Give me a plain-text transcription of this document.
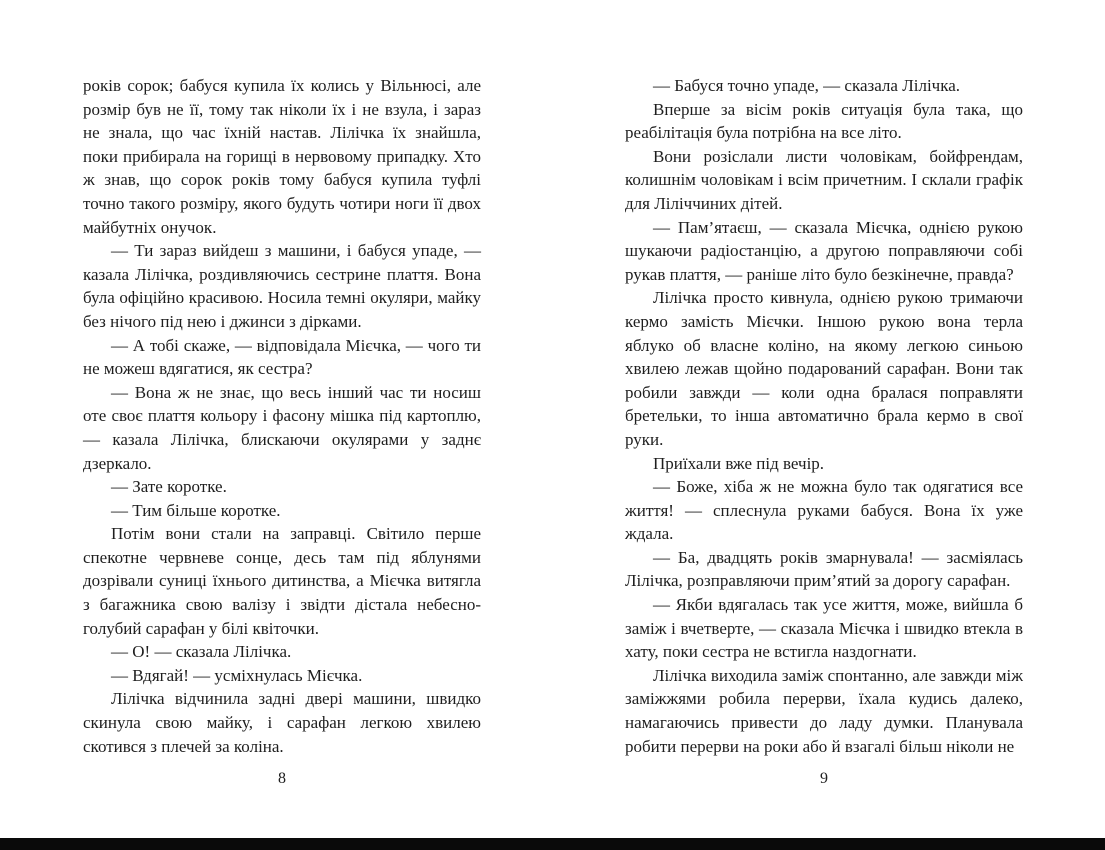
років сорок; бабуся купила їх колись у Вільнюсі, але розмір був не її, тому так ніколи їх і не взула, і зараз не знала, що час їхній настав. Лілічка їх знайшла, поки прибирала на горищі в нервовому припадку. Хто ж знав, що сорок років тому бабуся купила туфлі точно такого розміру, якого будуть чотири ноги її двох майбутніх онучок.

— Ти зараз вийдеш з машини, і бабуся упаде, — казала Лілічка, роздивляючись сестрине плаття. Вона була офіційно красивою. Носила темні окуляри, майку без нічого під нею і джинси з дірками.

— А тобі скаже, — відповідала Мієчка, — чого ти не можеш вдягатися, як сестра?

— Вона ж не знає, що весь інший час ти носиш оте своє плаття кольору і фасону мішка під картоплю, — казала Лілічка, блискаючи окулярами у заднє дзеркало.

— Зате коротке.

— Тим більше коротке.

Потім вони стали на заправці. Світило перше спекотне червневе сонце, десь там під яблунями дозрівали суниці їхнього дитинства, а Мієчка витягла з багажника свою валізу і звідти дістала небесно-голубий сарафан у білі квіточки.

— О! — сказала Лілічка.

— Вдягай! — усміхнулась Мієчка.

Лілічка відчинила задні двері машини, швидко скинула свою майку, і сарафан легкою хвилею скотився з плечей за коліна.

— Бабуся точно упаде, — сказала Лілічка.

Вперше за вісім років ситуація була така, що реабілітація була потрібна на все літо.

Вони розіслали листи чоловікам, бойфрендам, колишнім чоловікам і всім причетним. І склали графік для Ліліччиних дітей.

— Пам’ятаєш, — сказала Мієчка, однією рукою шукаючи радіостанцію, а другою поправляючи собі рукав плаття, — раніше літо було безкінечне, правда?

Лілічка просто кивнула, однією рукою тримаючи кермо замість Мієчки. Іншою рукою вона терла яблуко об власне коліно, на якому легкою синьою хвилею лежав щойно подарований сарафан. Вони так робили завжди — коли одна бралася поправляти бретельки, то інша автоматично брала кермо в свої руки.

Приїхали вже під вечір.

— Боже, хіба ж не можна було так одягатися все життя! — сплеснула руками бабуся. Вона їх уже ждала.

— Ба, двадцять років змарнувала! — засміялась Лілічка, розправляючи прим’ятий за дорогу сарафан.

— Якби вдягалась так усе життя, може, вийшла б заміж і вчетверте, — сказала Мієчка і швидко втекла в хату, поки сестра не встигла наздогнати.

Лілічка виходила заміж спонтанно, але завжди між заміжжями робила перерви, їхала кудись далеко, намагаючись привести до ладу думки. Планувала робити перерви на роки або й взагалі більш ніколи не

8	9
